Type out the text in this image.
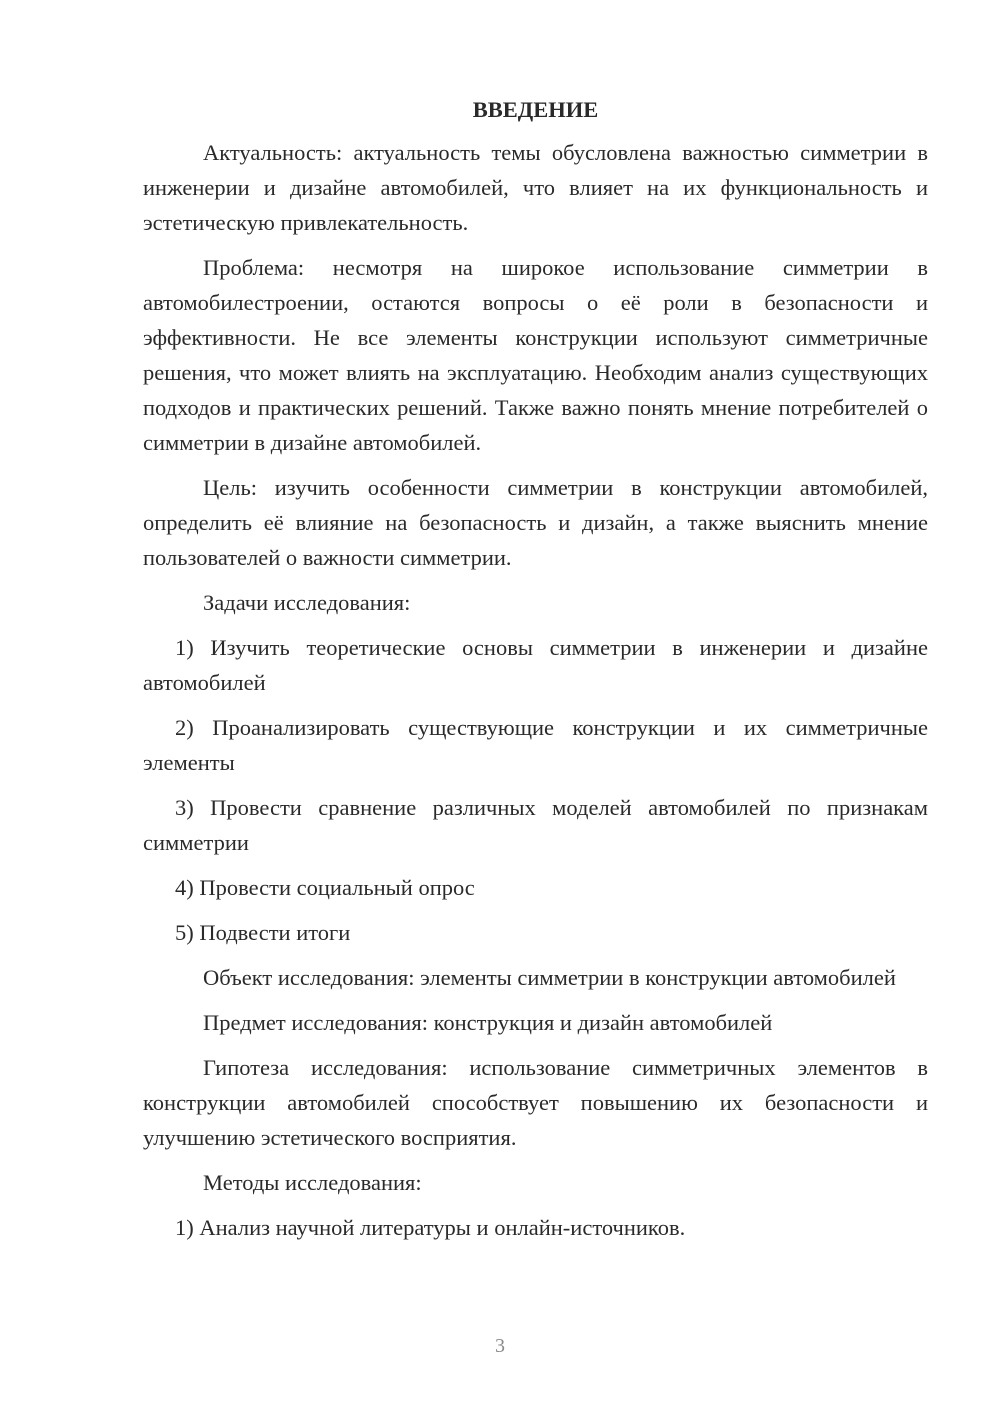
ВВЕДЕНИЕ

Актуальность: актуальность темы обусловлена важностью симметрии в инженерии и дизайне автомобилей, что влияет на их функциональность и эстетическую привлекательность.

Проблема: несмотря на широкое использование симметрии в автомобилестроении, остаются вопросы о её роли в безопасности и эффективности. Не все элементы конструкции используют симметричные решения, что может влиять на эксплуатацию. Необходим анализ существующих подходов и практических решений. Также важно понять мнение потребителей о симметрии в дизайне автомобилей.

Цель: изучить особенности симметрии в конструкции автомобилей, определить её влияние на безопасность и дизайн, а также выяснить мнение пользователей о важности симметрии.

Задачи исследования:

1) Изучить теоретические основы симметрии в инженерии и дизайне автомобилей

2) Проанализировать существующие конструкции и их симметричные элементы

3) Провести сравнение различных моделей автомобилей по признакам симметрии

4) Провести социальный опрос

5) Подвести итоги

Объект исследования: элементы симметрии в конструкции автомобилей

Предмет исследования: конструкция и дизайн автомобилей

Гипотеза исследования: использование симметричных элементов в конструкции автомобилей способствует повышению их безопасности и улучшению эстетического восприятия.

Методы исследования:

1) Анализ научной литературы и онлайн-источников.

3
